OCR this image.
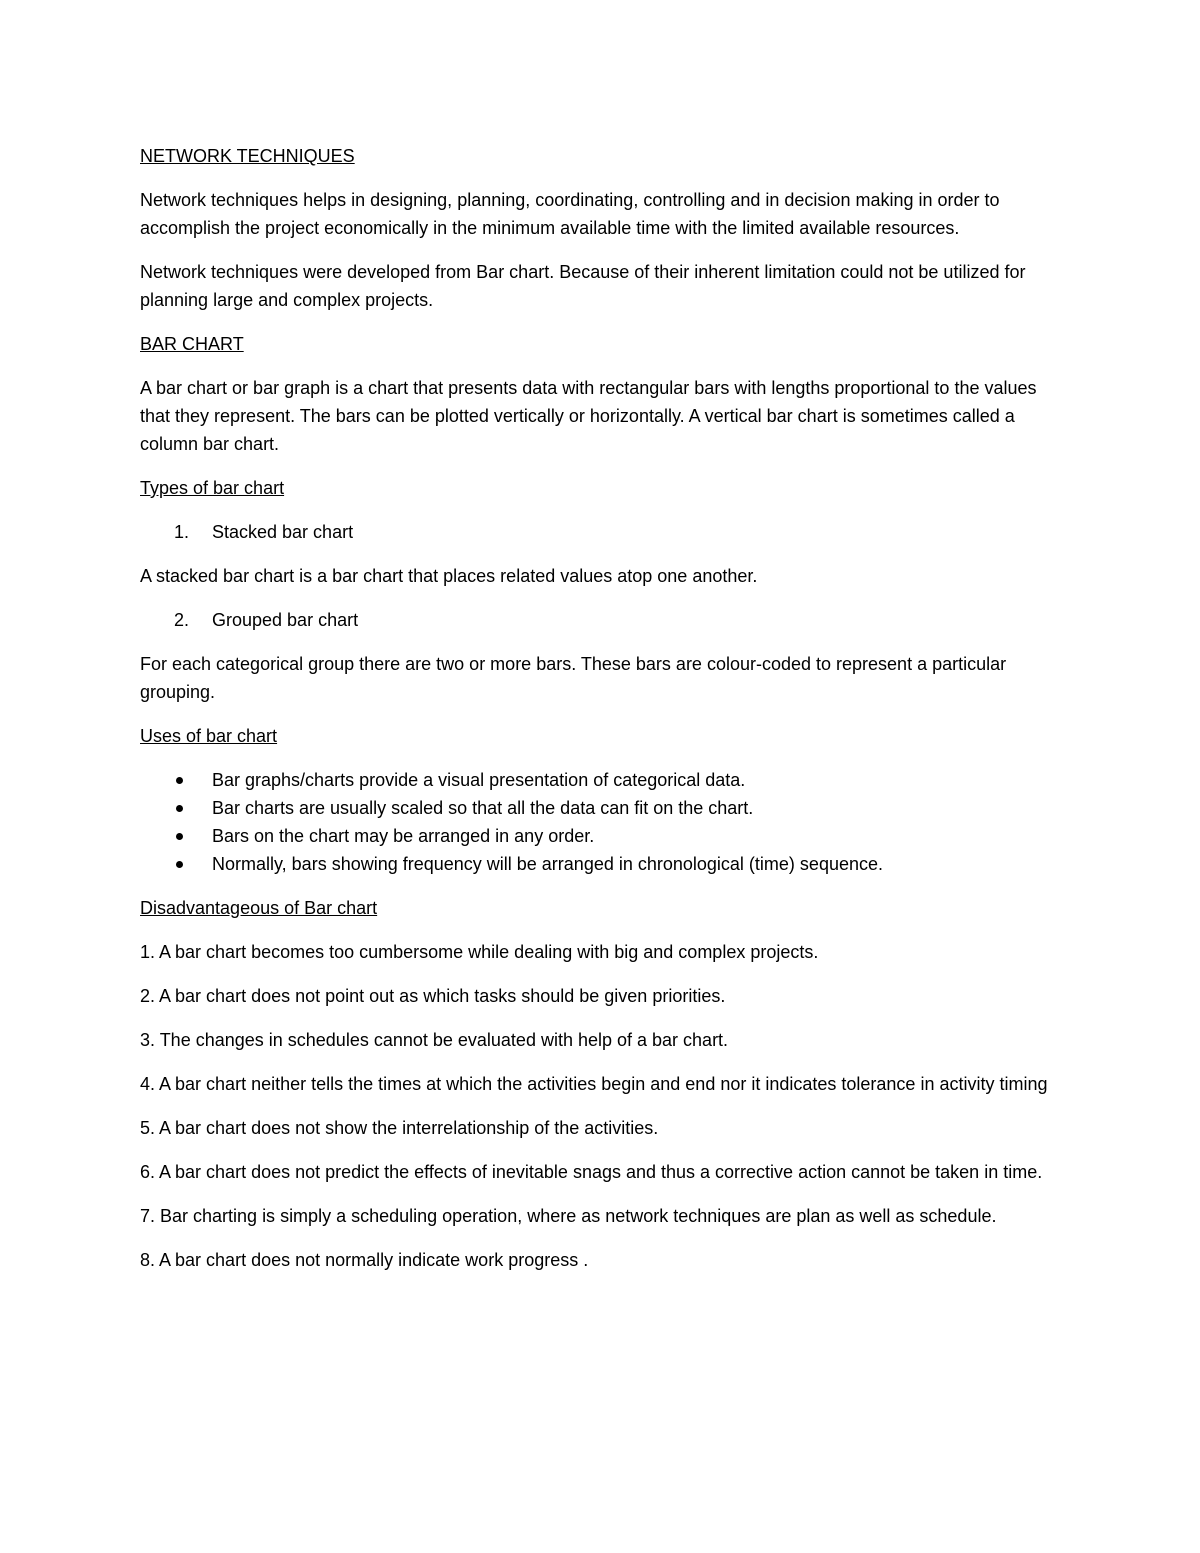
NETWORK TECHNIQUES

Network techniques helps in designing, planning, coordinating, controlling and in decision making in order to accomplish the project economically in the minimum available time with the limited available resources.

Network techniques were developed from Bar chart. Because of their inherent limitation could not be utilized for planning large and complex projects.

BAR CHART

A bar chart or bar graph is a chart that presents data with rectangular bars with lengths proportional to the values that they represent. The bars can be plotted vertically or horizontally. A vertical bar chart is sometimes called a column bar chart.

Types of bar chart
1. Stacked bar chart

A stacked bar chart is a bar chart that places related values atop one another.

2. Grouped bar chart

For each categorical group there are two or more bars. These bars are colour-coded to represent a particular grouping.

Uses of bar chart
Bar graphs/charts provide a visual presentation of categorical data.
Bar charts are usually scaled so that all the data can fit on the chart.
Bars on the chart may be arranged in any order.
Normally, bars showing frequency will be arranged in chronological (time) sequence.
Disadvantageous of Bar chart

1. A bar chart becomes too cumbersome while dealing with big and complex projects.

2. A bar chart does not point out as which tasks should be given priorities.

3. The changes in schedules cannot be evaluated with help of a bar chart.

4. A bar chart neither tells the times at which the activities begin and end nor it indicates tolerance in activity timing

5. A bar chart does not show the interrelationship of the activities.

6. A bar chart does not predict the effects of inevitable snags and thus a corrective action cannot be taken in time.

7. Bar charting is simply a scheduling operation, where as network techniques are plan as well as schedule.

8. A bar chart does not normally indicate work progress .
